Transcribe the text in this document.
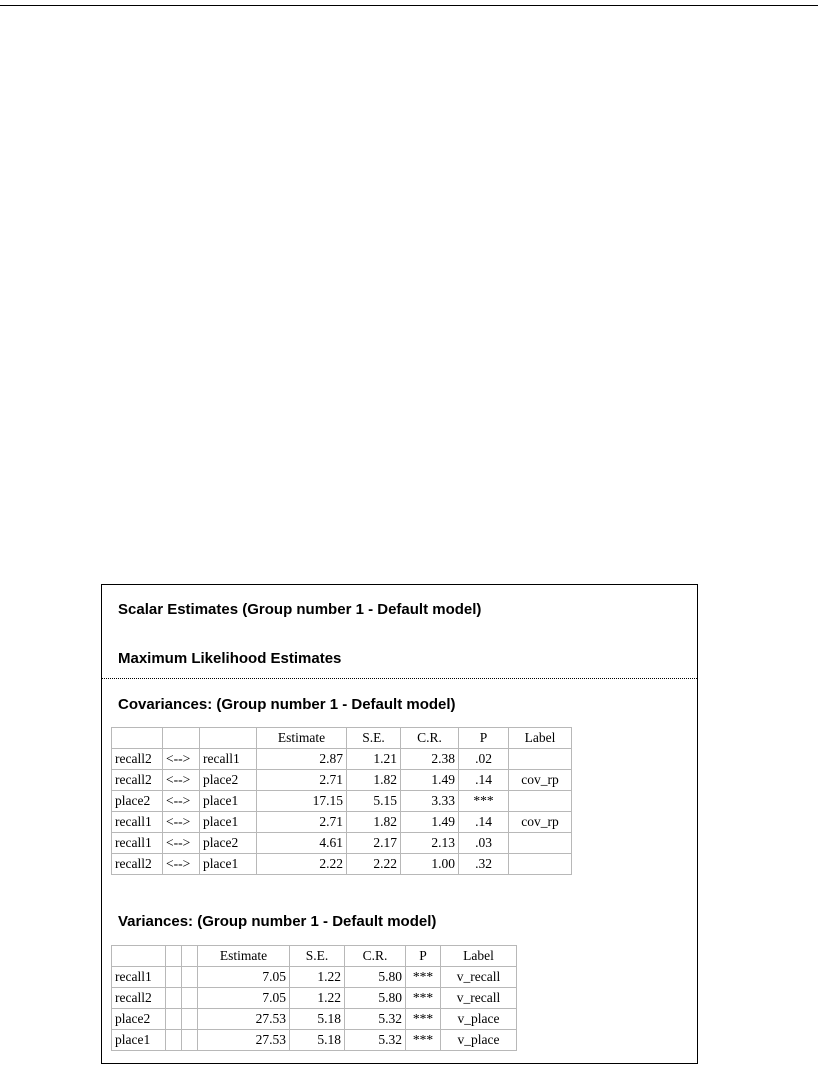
Scalar Estimates (Group number 1 - Default model)
Maximum Likelihood Estimates
Covariances: (Group number 1 - Default model)
			Estimate	S.E.	C.R.	P	Label
recall2	<-->	recall1	2.87	1.21	2.38	.02	
recall2	<-->	place2	2.71	1.82	1.49	.14	cov_rp
place2	<-->	place1	17.15	5.15	3.33	***	
recall1	<-->	place1	2.71	1.82	1.49	.14	cov_rp
recall1	<-->	place2	4.61	2.17	2.13	.03	
recall2	<-->	place1	2.22	2.22	1.00	.32	
Variances: (Group number 1 - Default model)
			Estimate	S.E.	C.R.	P	Label
recall1			7.05	1.22	5.80	***	v_recall
recall2			7.05	1.22	5.80	***	v_recall
place2			27.53	5.18	5.32	***	v_place
place1			27.53	5.18	5.32	***	v_place
